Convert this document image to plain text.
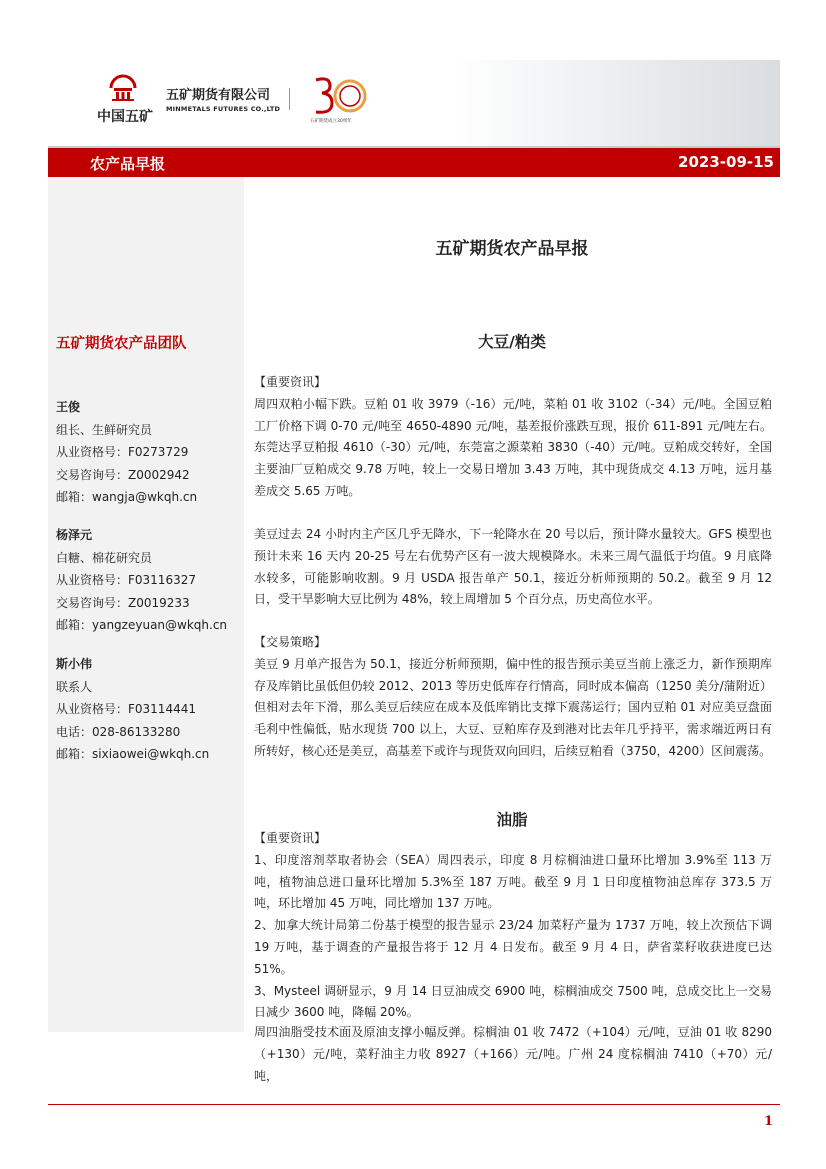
中国五矿
五矿期货有限公司
MINMETALS FUTURES CO.,LTD
五矿期货成立30周年
农产品早报	2023-09-15
五矿期货农产品团队
王俊
组长、生鲜研究员
从业资格号：F0273729
交易咨询号：Z0002942
邮箱：wangja@wkqh.cn
杨泽元
白糖、棉花研究员
从业资格号：F03116327
交易咨询号：Z0019233
邮箱：yangzeyuan@wkqh.cn
斯小伟
联系人
从业资格号：F03114441
电话：028-86133280
邮箱：sixiaowei@wkqh.cn
五矿期货农产品早报
大豆/粕类

【重要资讯】

周四双粕小幅下跌。豆粕 01 收 3979（-16）元/吨，菜粕 01 收 3102（-34）元/吨。全国豆粕工厂价格下调 0-70 元/吨至 4650-4890 元/吨，基差报价涨跌互现，报价 611-891 元/吨左右。东莞达孚豆粕报 4610（-30）元/吨，东莞富之源菜粕 3830（-40）元/吨。豆粕成交转好，全国主要油厂豆粕成交 9.78 万吨，较上一交易日增加 3.43 万吨，其中现货成交 4.13 万吨，远月基差成交 5.65 万吨。

美豆过去 24 小时内主产区几乎无降水，下一轮降水在 20 号以后，预计降水量较大。GFS 模型也预计未来 16 天内 20-25 号左右优势产区有一波大规模降水。未来三周气温低于均值。9 月底降水较多，可能影响收割。9 月 USDA 报告单产 50.1，接近分析师预期的 50.2。截至 9 月 12 日，受干旱影响大豆比例为 48%，较上周增加 5 个百分点，历史高位水平。

【交易策略】

美豆 9 月单产报告为 50.1，接近分析师预期，偏中性的报告预示美豆当前上涨乏力，新作预期库存及库销比虽低但仍较 2012、2013 等历史低库存行情高，同时成本偏高（1250 美分/蒲附近）但相对去年下滑，那么美豆后续应在成本及低库销比支撑下震荡运行；国内豆粕 01 对应美豆盘面毛利中性偏低，贴水现货 700 以上，大豆、豆粕库存及到港对比去年几乎持平，需求端近两日有所转好，核心还是美豆，高基差下或许与现货双向回归，后续豆粕看（3750，4200）区间震荡。

油脂

【重要资讯】

1、印度溶剂萃取者协会（SEA）周四表示，印度 8 月棕榈油进口量环比增加 3.9%至 113 万吨，植物油总进口量环比增加 5.3%至 187 万吨。截至 9 月 1 日印度植物油总库存 373.5 万吨，环比增加 45 万吨，同比增加 137 万吨。

2、加拿大统计局第二份基于模型的报告显示 23/24 加菜籽产量为 1737 万吨，较上次预估下调 19 万吨，基于调查的产量报告将于 12 月 4 日发布。截至 9 月 4 日，萨省菜籽收获进度已达 51%。

3、Mysteel 调研显示，9 月 14 日豆油成交 6900 吨，棕榈油成交 7500 吨，总成交比上一交易日减少 3600 吨，降幅 20%。

周四油脂受技术面及原油支撑小幅反弹。棕榈油 01 收 7472（+104）元/吨，豆油 01 收 8290（+130）元/吨，菜籽油主力收 8927（+166）元/吨。广州 24 度棕榈油 7410（+70）元/吨，

1
